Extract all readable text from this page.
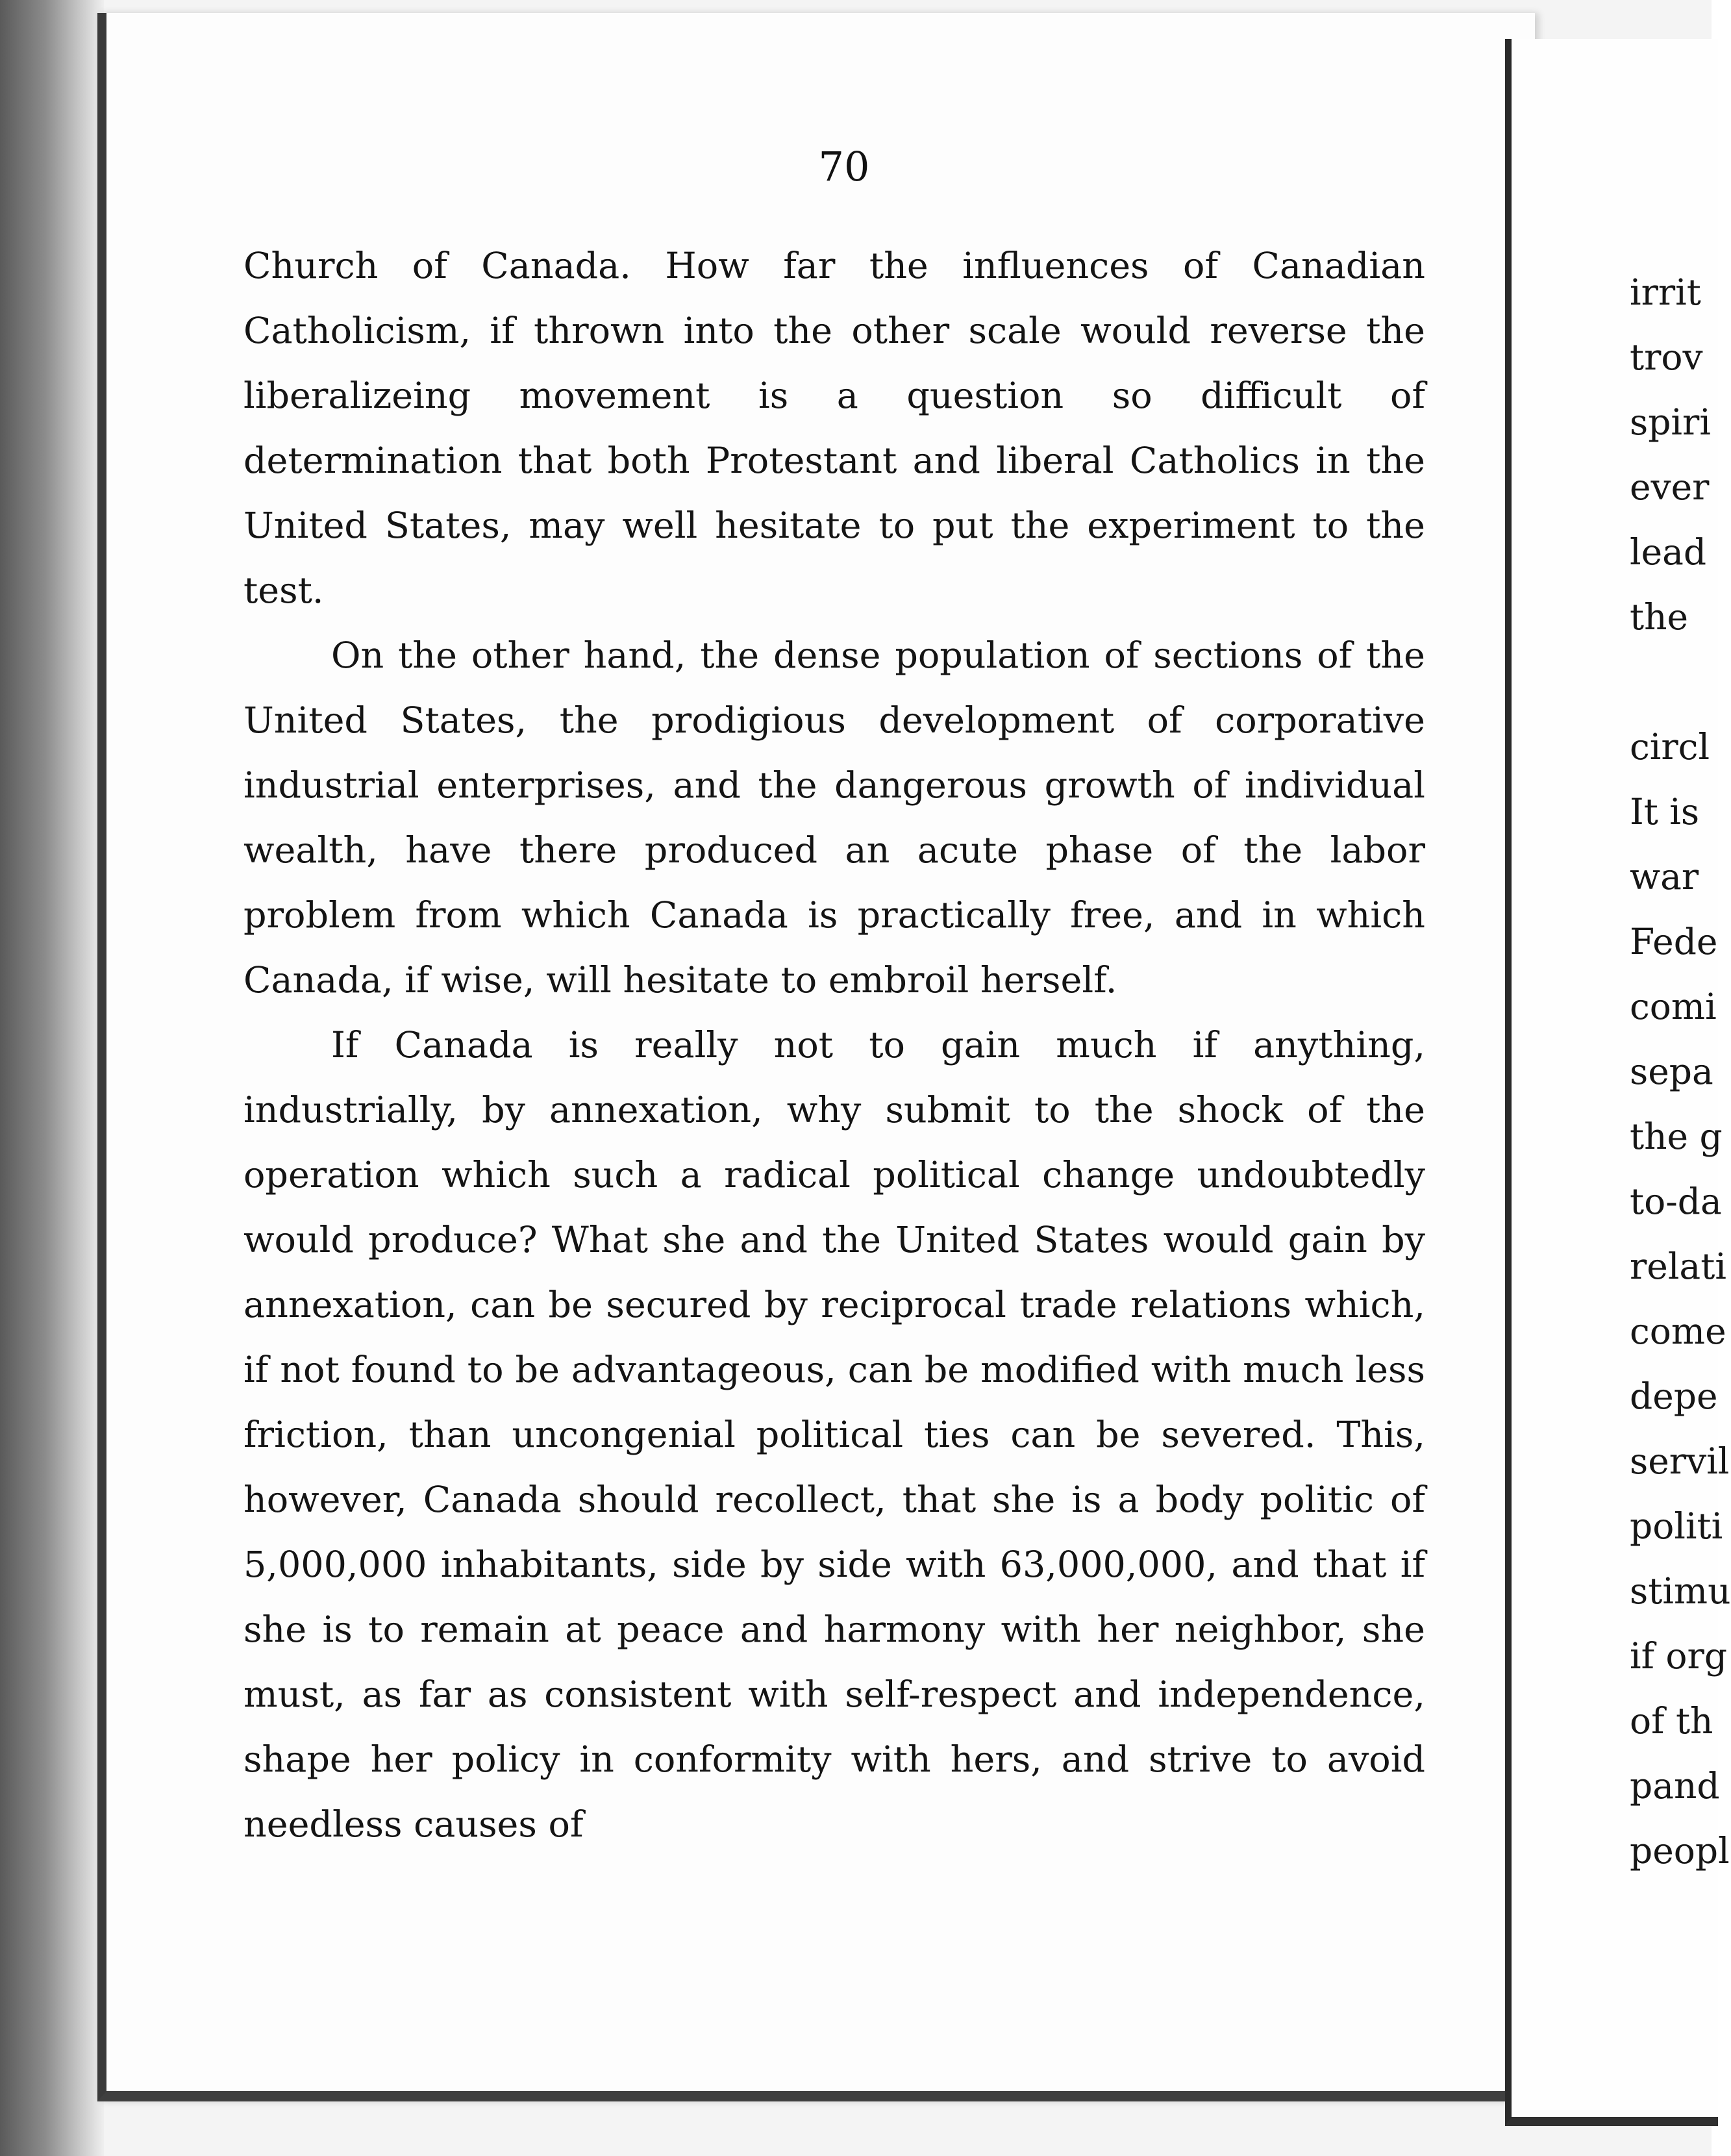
70

Church of Canada. How far the influences of Canadian Catholicism, if thrown into the other scale would reverse the liberalizeing movement is a question so difficult of determination that both Protestant and liberal Catholics in the United States, may well hesitate to put the experiment to the test.

On the other hand, the dense population of sections of the United States, the prodigious development of corporative industrial enterprises, and the dangerous growth of individual wealth, have there produced an acute phase of the labor problem from which Canada is practically free, and in which Canada, if wise, will hesitate to embroil herself.

If Canada is really not to gain much if anything, industrially, by annexation, why submit to the shock of the operation which such a radical political change undoubtedly would produce? What she and the United States would gain by annexation, can be secured by reciprocal trade relations which, if not found to be advantageous, can be modified with much less friction, than uncongenial political ties can be severed. This, however, Canada should recollect, that she is a body politic of 5,000,000 inhabitants, side by side with 63,000,000, and that if she is to remain at peace and harmony with her neighbor, she must, as far as consistent with self-respect and independence, shape her policy in conformity with hers, and strive to avoid needless causes of

irrit
trov
spiri
ever
lead
the
circl
It is
war
Fede
comi
sepa
the g
to-da
relati
come
depe
servil
politi
stimu
if org
of th
pand
peopl
